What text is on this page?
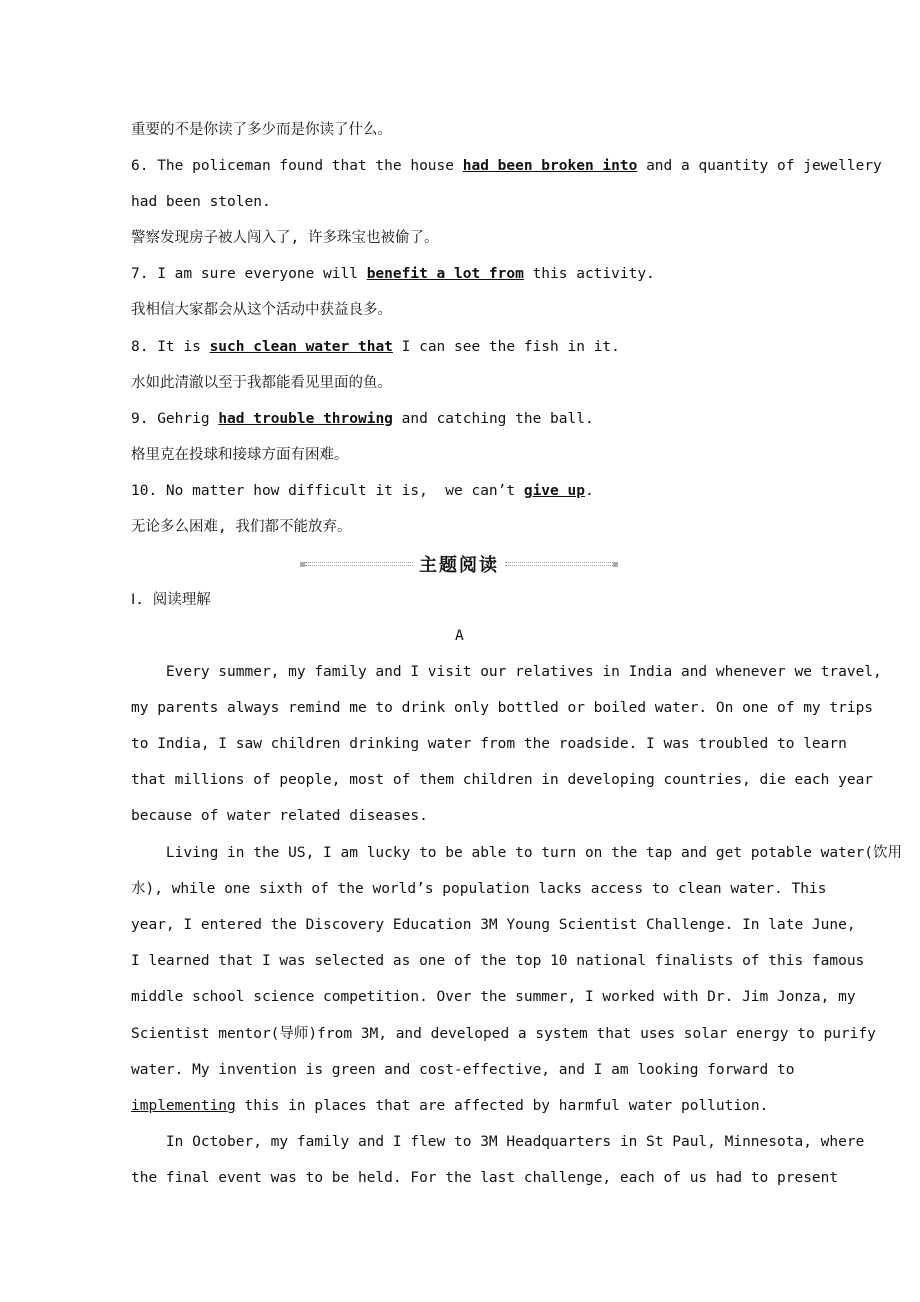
重要的不是你读了多少而是你读了什么。
6. The policeman found that the house had been broken into and a quantity of jewellery
had been stolen.
警察发现房子被人闯入了, 许多珠宝也被偷了。
7. I am sure everyone will benefit a lot from this activity.
我相信大家都会从这个活动中获益良多。
8. It is such clean water that I can see the fish in it.
水如此清澈以至于我都能看见里面的鱼。
9. Gehrig had trouble throwing and catching the ball.
格里克在投球和接球方面有困难。
10. No matter how difficult it is,  we can’t give up.
无论多么困难, 我们都不能放弃。
主题阅读
Ⅰ. 阅读理解
A
Every summer, my family and I visit our relatives in India and whenever we travel,
my parents always remind me to drink only bottled or boiled water. On one of my trips
to India, I saw children drinking water from the roadside. I was troubled to learn
that millions of people, most of them children in developing countries, die each year
because of water related diseases.
Living in the US, I am lucky to be able to turn on the tap and get potable water(饮用
水), while one sixth of the world’s population lacks access to clean water. This
year, I entered the Discovery Education 3M Young Scientist Challenge. In late June,
I learned that I was selected as one of the top 10 national finalists of this famous
middle school science competition. Over the summer, I worked with Dr. Jim Jonza, my
Scientist mentor(导师)from 3M, and developed a system that uses solar energy to purify
water. My invention is green and cost-effective, and I am looking forward to
implementing this in places that are affected by harmful water pollution.
In October, my family and I flew to 3M Headquarters in St Paul, Minnesota, where
the final event was to be held. For the last challenge, each of us had to present
